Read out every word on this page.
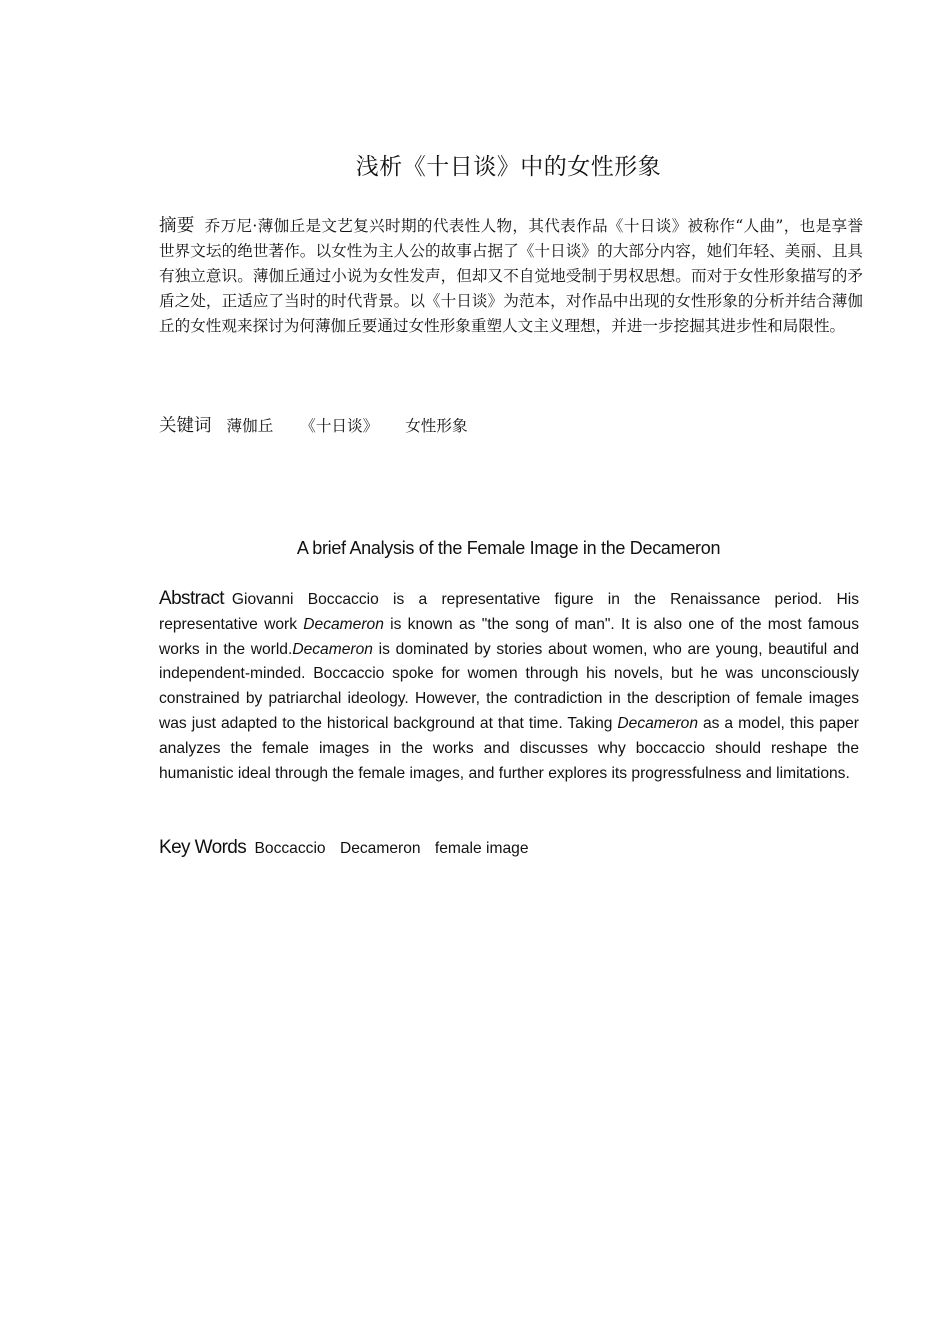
浅析《十日谈》中的女性形象

摘要 乔万尼·薄伽丘是文艺复兴时期的代表性人物，其代表作品《十日谈》被称作“人曲”，也是享誉世界文坛的绝世著作。以女性为主人公的故事占据了《十日谈》的大部分内容，她们年轻、美丽、且具有独立意识。薄伽丘通过小说为女性发声，但却又不自觉地受制于男权思想。而对于女性形象描写的矛盾之处，正适应了当时的时代背景。以《十日谈》为范本，对作品中出现的女性形象的分析并结合薄伽丘的女性观来探讨为何薄伽丘要通过女性形象重塑人文主义理想，并进一步挖掘其进步性和局限性。

关键词 薄伽丘 《十日谈》 女性形象
A brief Analysis of the Female Image in the Decameron

Abstract Giovanni Boccaccio is a representative figure in the Renaissance period. His representative work Decameron is known as "the song of man". It is also one of the most famous works in the world.Decameron is dominated by stories about women, who are young, beautiful and independent-minded. Boccaccio spoke for women through his novels, but he was unconsciously constrained by patriarchal ideology. However, the contradiction in the description of female images was just adapted to the historical background at that time. Taking Decameron as a model, this paper analyzes the female images in the works and discusses why boccaccio should reshape the humanistic ideal through the female images, and further explores its progressfulness and limitations.

Key Words Boccaccio Decameron female image
